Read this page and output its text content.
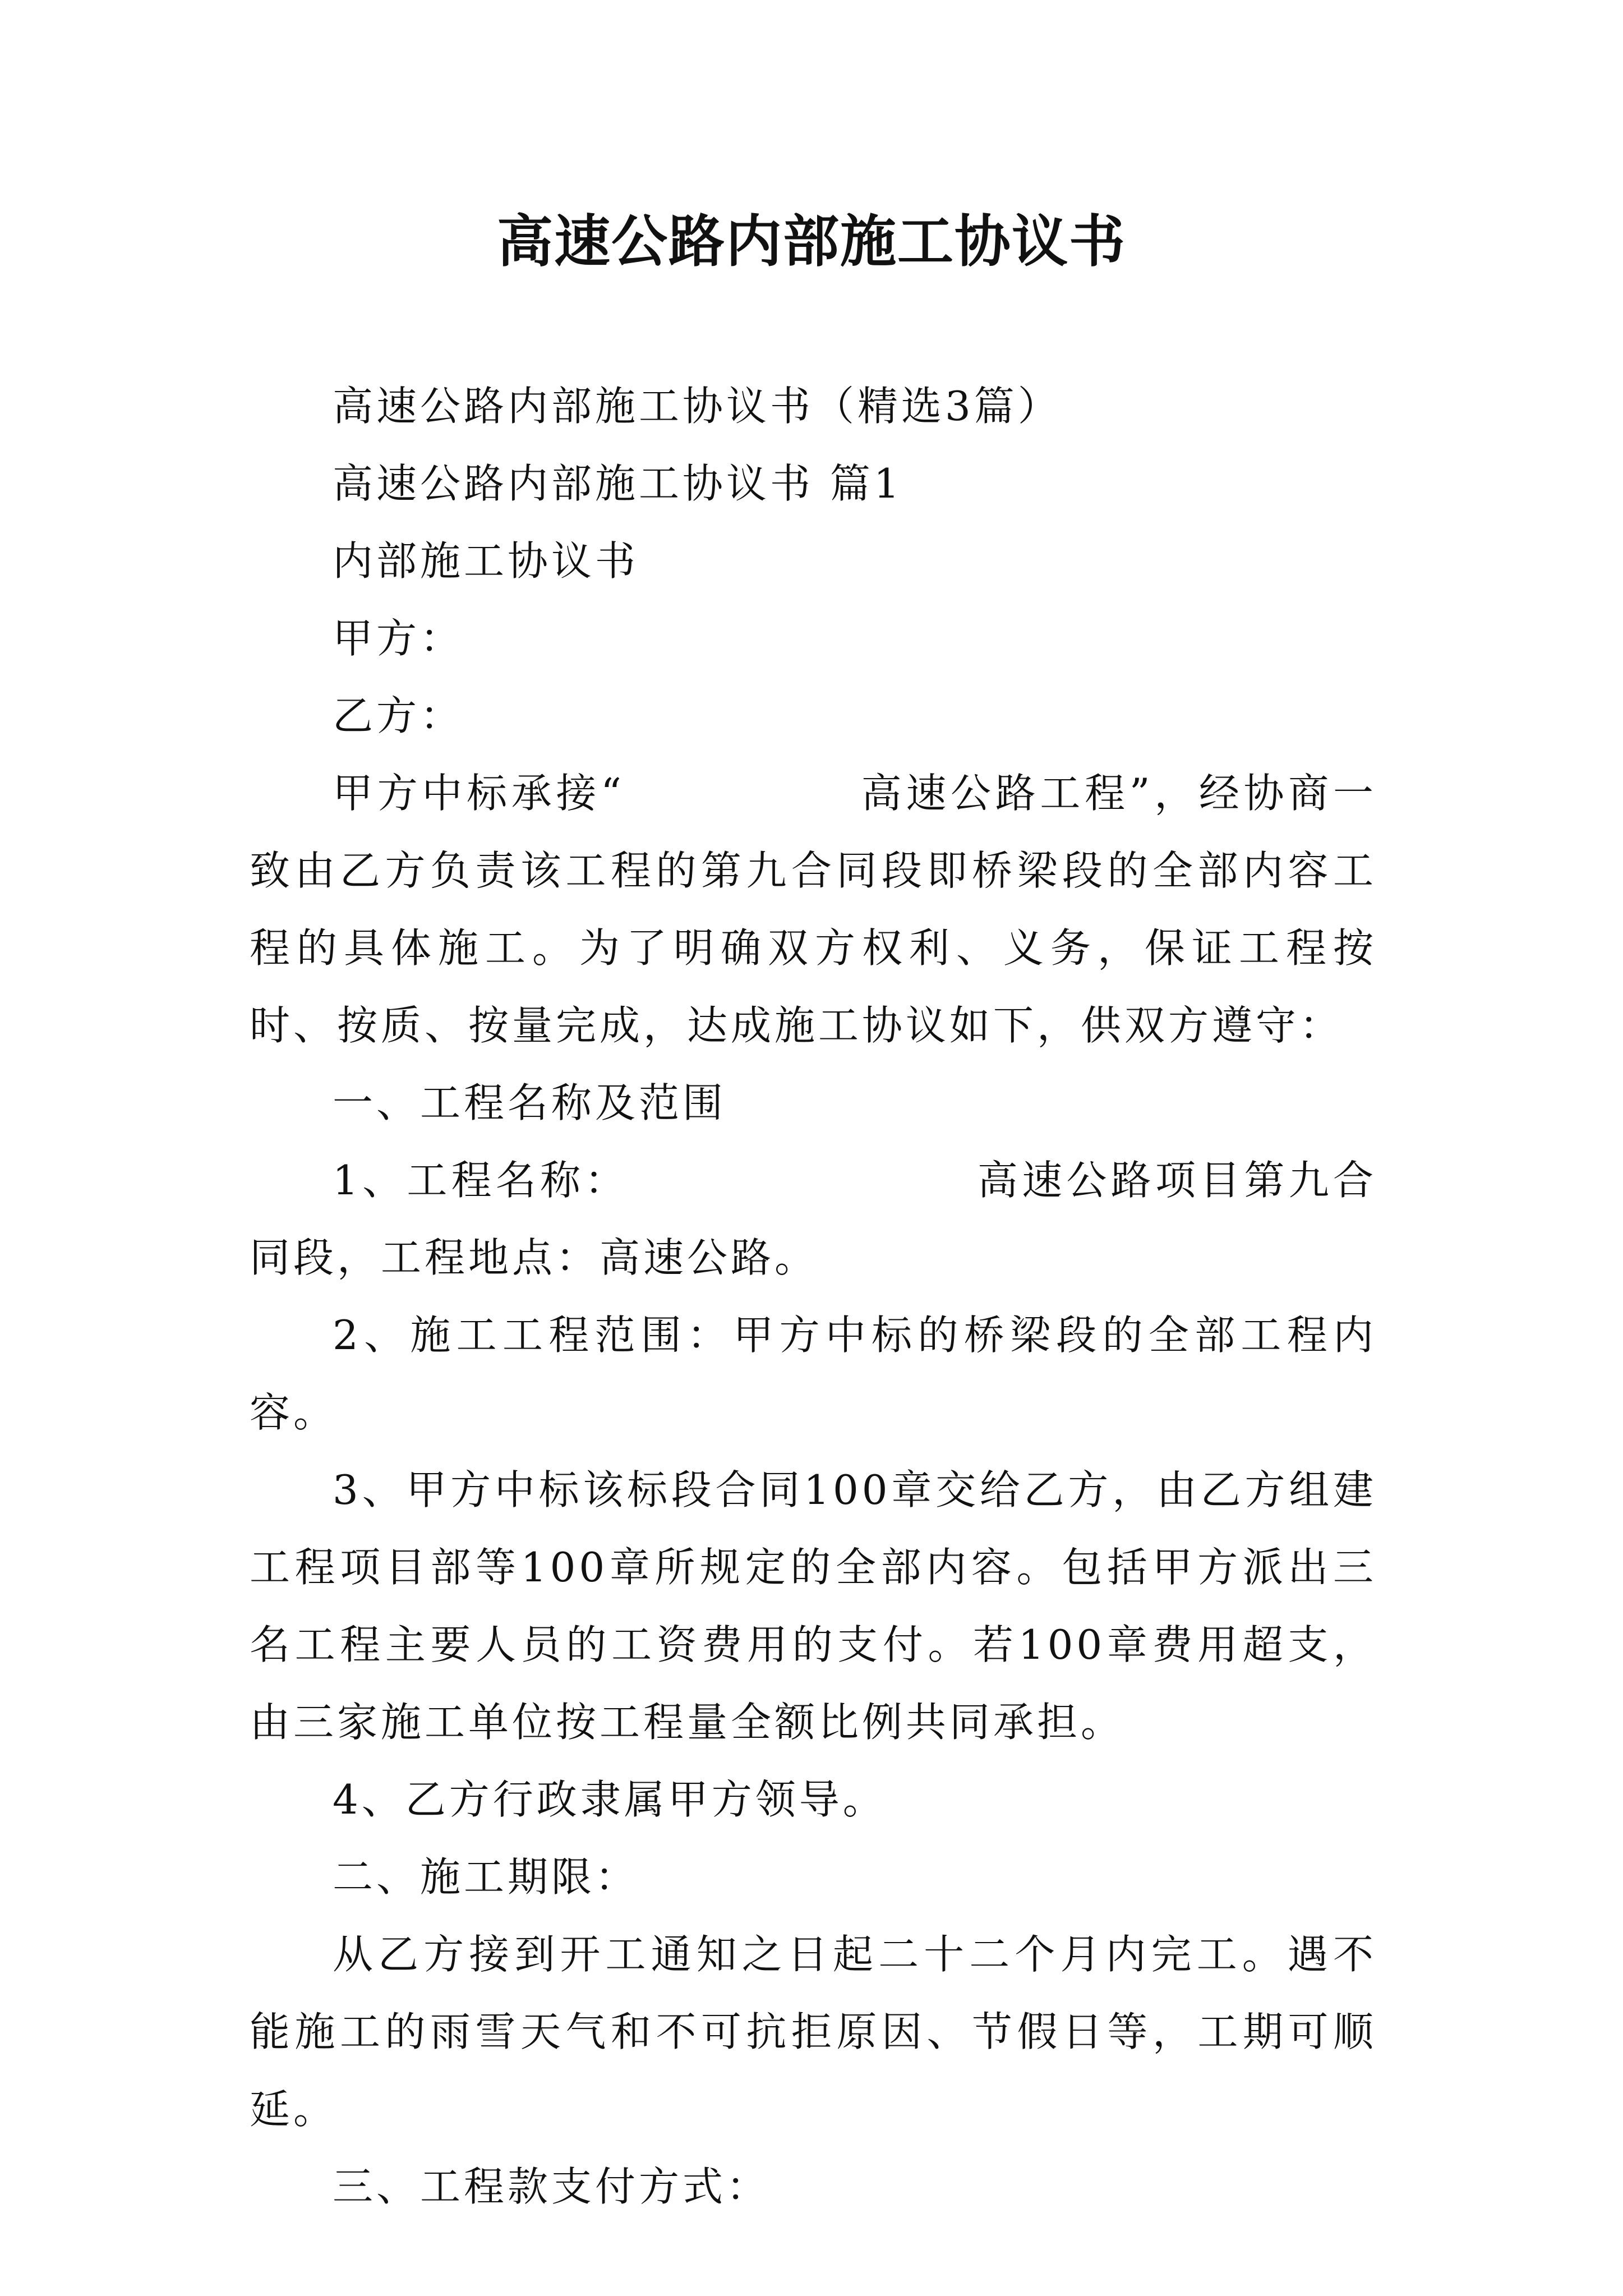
高速公路内部施工协议书

高速公路内部施工协议书（精选3篇）

高速公路内部施工协议书 篇1

内部施工协议书

甲方：

乙方：

甲方中标承接“	高速公路工程”，经协商一致由乙方负责该工程的第九合同段即桥梁段的全部内容工程的具体施工。为了明确双方权利、义务，保证工程按时、按质、按量完成，达成施工协议如下，供双方遵守：

一、工程名称及范围

1、工程名称：	高速公路项目第九合同段，工程地点：高速公路。

2、施工工程范围：甲方中标的桥梁段的全部工程内容。

3、甲方中标该标段合同100章交给乙方，由乙方组建工程项目部等100章所规定的全部内容。包括甲方派出三名工程主要人员的工资费用的支付。若100章费用超支，由三家施工单位按工程量全额比例共同承担。

4、乙方行政隶属甲方领导。

二、施工期限：

从乙方接到开工通知之日起二十二个月内完工。遇不能施工的雨雪天气和不可抗拒原因、节假日等，工期可顺延。

三、工程款支付方式：
